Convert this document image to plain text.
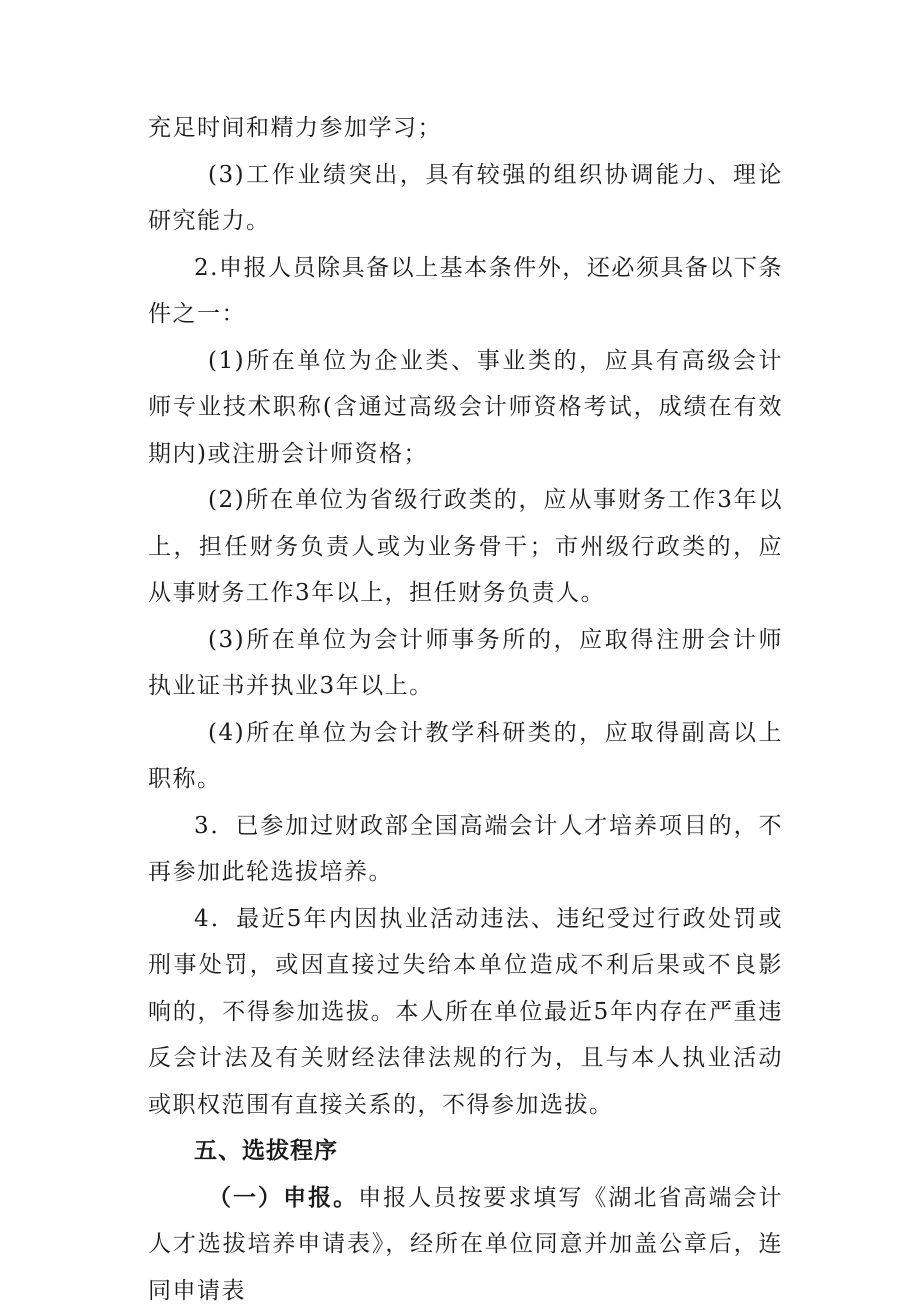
充足时间和精力参加学习；

(3)工作业绩突出，具有较强的组织协调能力、理论研究能力。

2.申报人员除具备以上基本条件外，还必须具备以下条件之一：

(1)所在单位为企业类、事业类的，应具有高级会计师专业技术职称(含通过高级会计师资格考试，成绩在有效期内)或注册会计师资格；

(2)所在单位为省级行政类的，应从事财务工作3年以上，担任财务负责人或为业务骨干；市州级行政类的，应从事财务工作3年以上，担任财务负责人。

(3)所在单位为会计师事务所的，应取得注册会计师执业证书并执业3年以上。

(4)所在单位为会计教学科研类的，应取得副高以上职称。

3．已参加过财政部全国高端会计人才培养项目的，不再参加此轮选拔培养。

4．最近5年内因执业活动违法、违纪受过行政处罚或刑事处罚，或因直接过失给本单位造成不利后果或不良影响的，不得参加选拔。本人所在单位最近5年内存在严重违反会计法及有关财经法律法规的行为，且与本人执业活动或职权范围有直接关系的，不得参加选拔。

五、选拔程序

（一）申报。申报人员按要求填写《湖北省高端会计人才选拔培养申请表》，经所在单位同意并加盖公章后，连同申请表
